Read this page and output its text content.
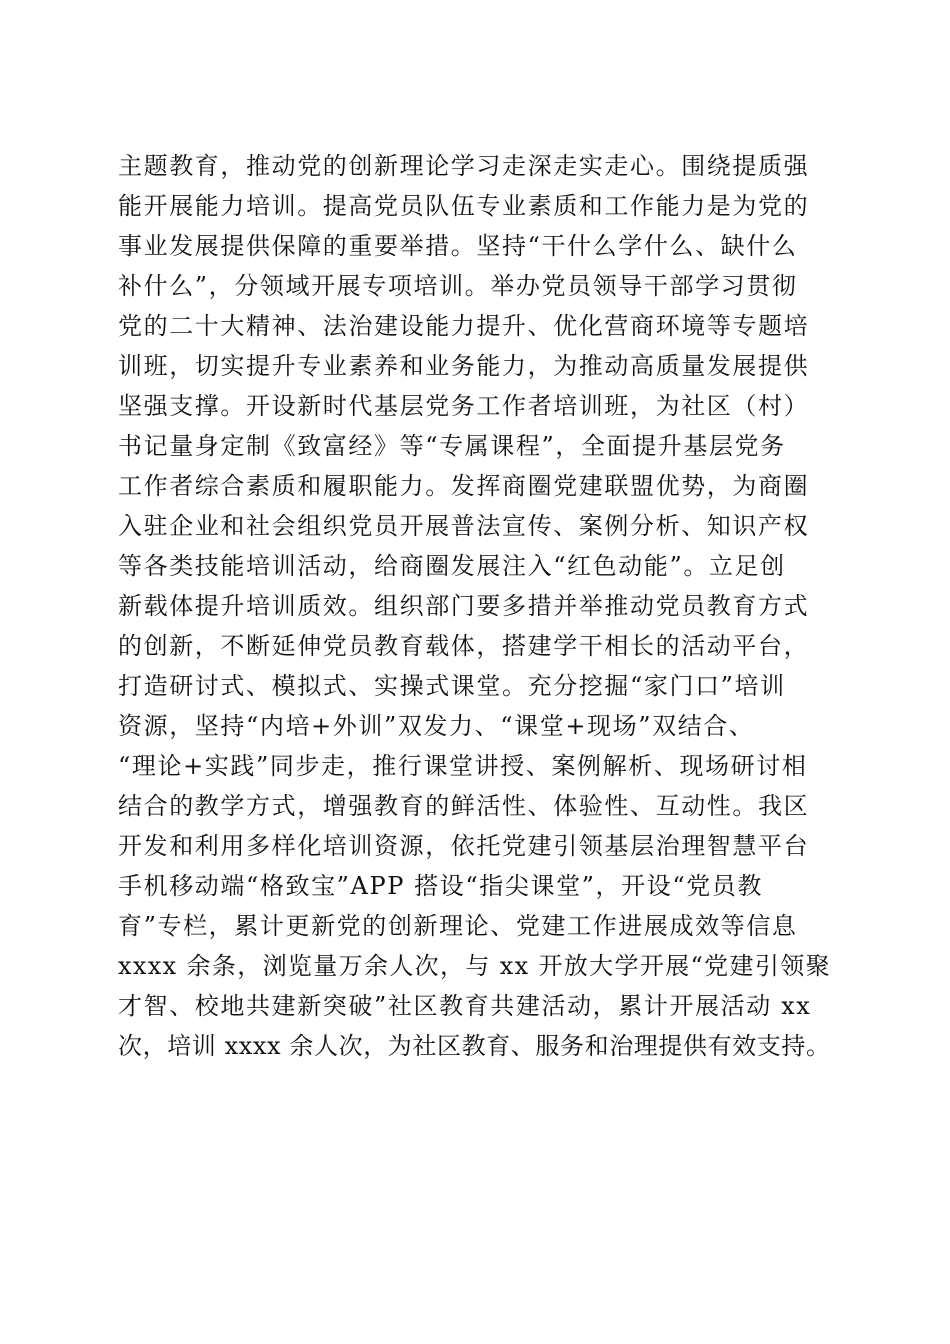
主题教育，推动党的创新理论学习走深走实走心。围绕提质强
能开展能力培训。提高党员队伍专业素质和工作能力是为党的
事业发展提供保障的重要举措。坚持“干什么学什么、缺什么
补什么”，分领域开展专项培训。举办党员领导干部学习贯彻
党的二十大精神、法治建设能力提升、优化营商环境等专题培
训班，切实提升专业素养和业务能力，为推动高质量发展提供
坚强支撑。开设新时代基层党务工作者培训班，为社区（村）
书记量身定制《致富经》等“专属课程”，全面提升基层党务
工作者综合素质和履职能力。发挥商圈党建联盟优势，为商圈
入驻企业和社会组织党员开展普法宣传、案例分析、知识产权
等各类技能培训活动，给商圈发展注入“红色动能”。立足创
新载体提升培训质效。组织部门要多措并举推动党员教育方式
的创新，不断延伸党员教育载体，搭建学干相长的活动平台，
打造研讨式、模拟式、实操式课堂。充分挖掘“家门口”培训
资源，坚持“内培+外训”双发力、“课堂+现场”双结合、
“理论+实践”同步走，推行课堂讲授、案例解析、现场研讨相
结合的教学方式，增强教育的鲜活性、体验性、互动性。我区
开发和利用多样化培训资源，依托党建引领基层治理智慧平台
手机移动端“格致宝”APP 搭设“指尖课堂”，开设“党员教
育”专栏，累计更新党的创新理论、党建工作进展成效等信息
xxxx 余条，浏览量万余人次，与 xx 开放大学开展“党建引领聚
才智、校地共建新突破”社区教育共建活动，累计开展活动 xx
次，培训 xxxx 余人次，为社区教育、服务和治理提供有效支持。
